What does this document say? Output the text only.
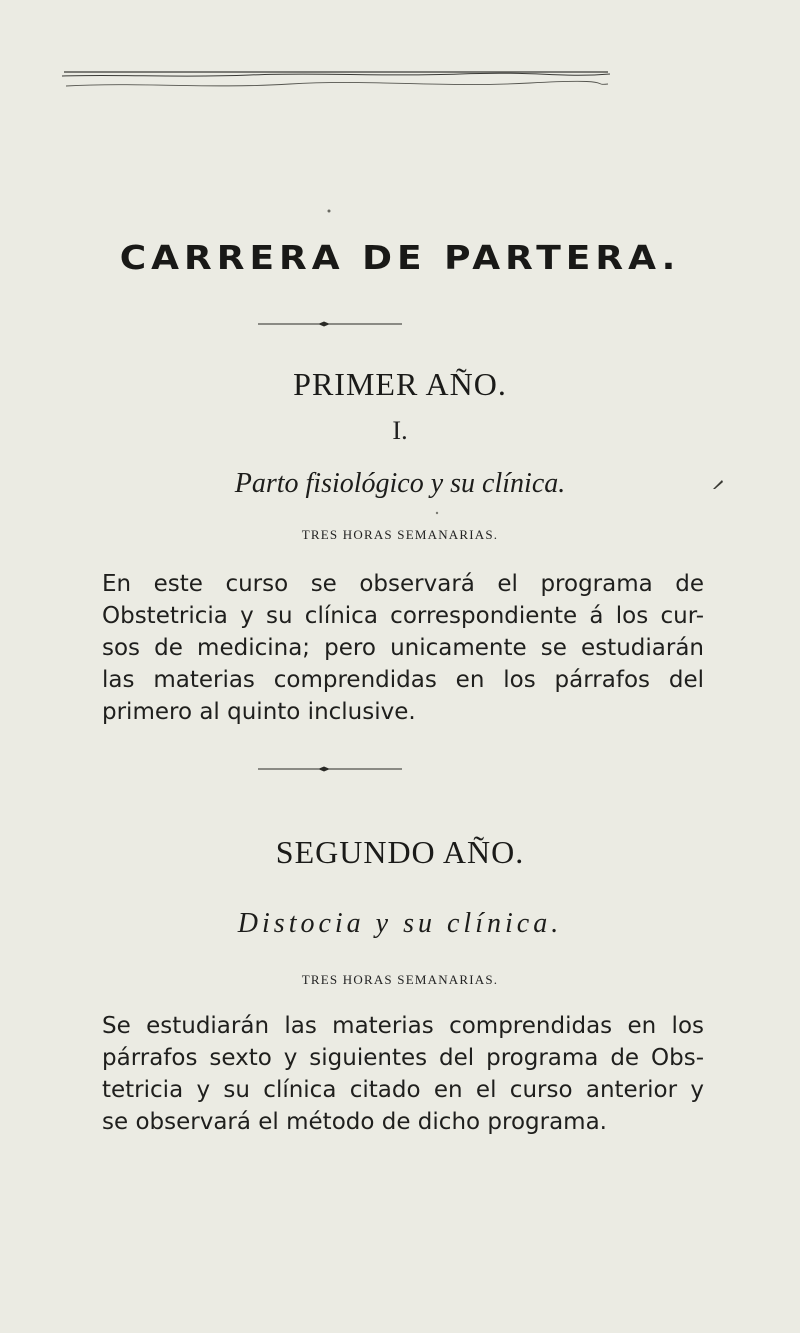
CARRERA DE PARTERA.
PRIMER AÑO.
I.
Parto fisiológico y su clínica.
TRES HORAS SEMANARIAS.
En este curso se observará el programa de
Obstetricia y su clínica correspondiente á los cur-
sos de medicina; pero unicamente se estudiarán
las materias comprendidas en los párrafos del
primero al quinto inclusive.
SEGUNDO AÑO.
Distocia y su clínica.
TRES HORAS SEMANARIAS.
Se estudiarán las materias comprendidas en los
párrafos sexto y siguientes del programa de Obs-
tetricia y su clínica citado en el curso anterior y
se observará el método de dicho programa.
